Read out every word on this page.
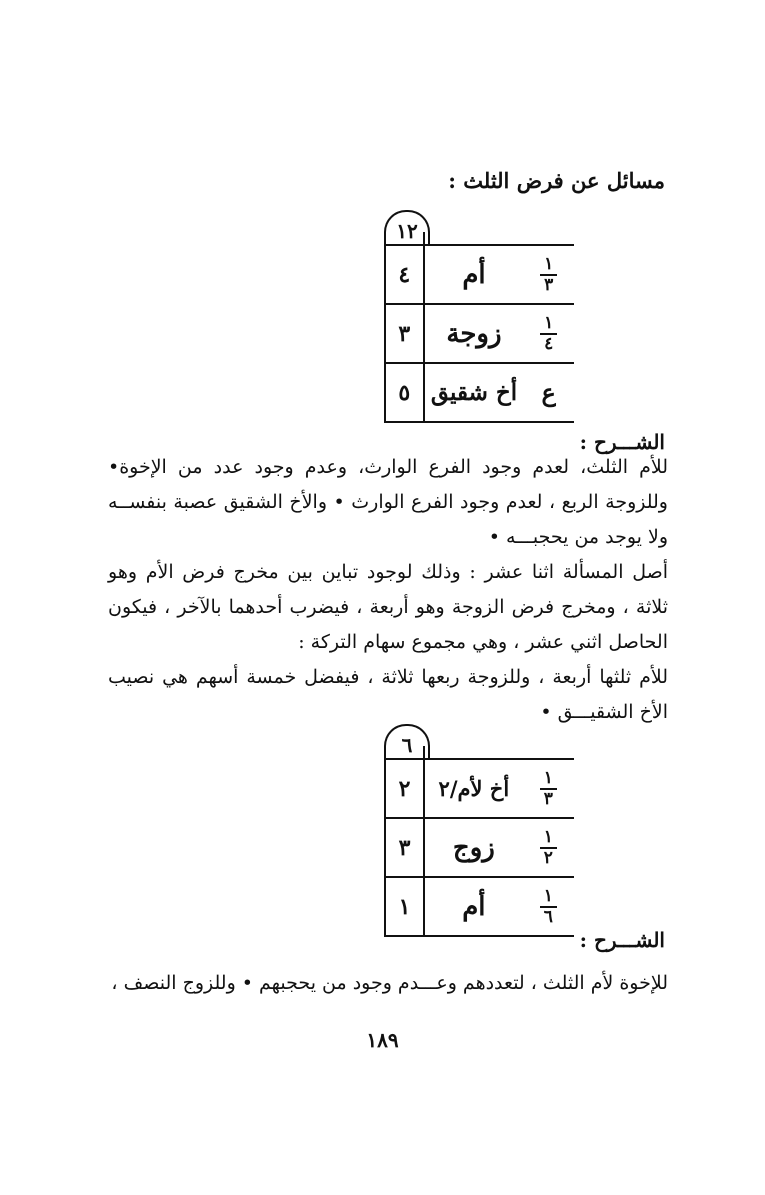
مسائل عن فرض الثلث :
١٢

$\frac{١}{٣}$	أم	٤

$\frac{١}{٤}$	زوجة	٣
ع	أخ شقيق	٥
الشـــرح :

للأم الثلث، لعدم وجود الفرع الوارث، وعدم وجود عدد من الإخوة• وللزوجة الربع ، لعدم وجود الفرع الوارث • والأخ الشقيق عصبة بنفســه ولا يوجد من يحجبـــه •

أصل المسألة اثنا عشر : وذلك لوجود تباين بين مخرج فرض الأم وهو ثلاثة ، ومخرج فرض الزوجة وهو أربعة ، فيضرب أحدهما بالآخر ، فيكون الحاصل اثني عشر ، وهي مجموع سهام التركة :

للأم ثلثها أربعة ، وللزوجة ربعها ثلاثة ، فيفضل خمسة أسهم هي نصيب الأخ الشقيـــق •

٦

$\frac{١}{٣}$	أخ لأم/٢	٢

$\frac{١}{٢}$	زوج	٣

$\frac{١}{٦}$	أم	١
الشـــرح :

للإخوة لأم الثلث ، لتعددهم وعـــدم وجود من يحجبهم • وللزوج النصف ،

١٨٩
